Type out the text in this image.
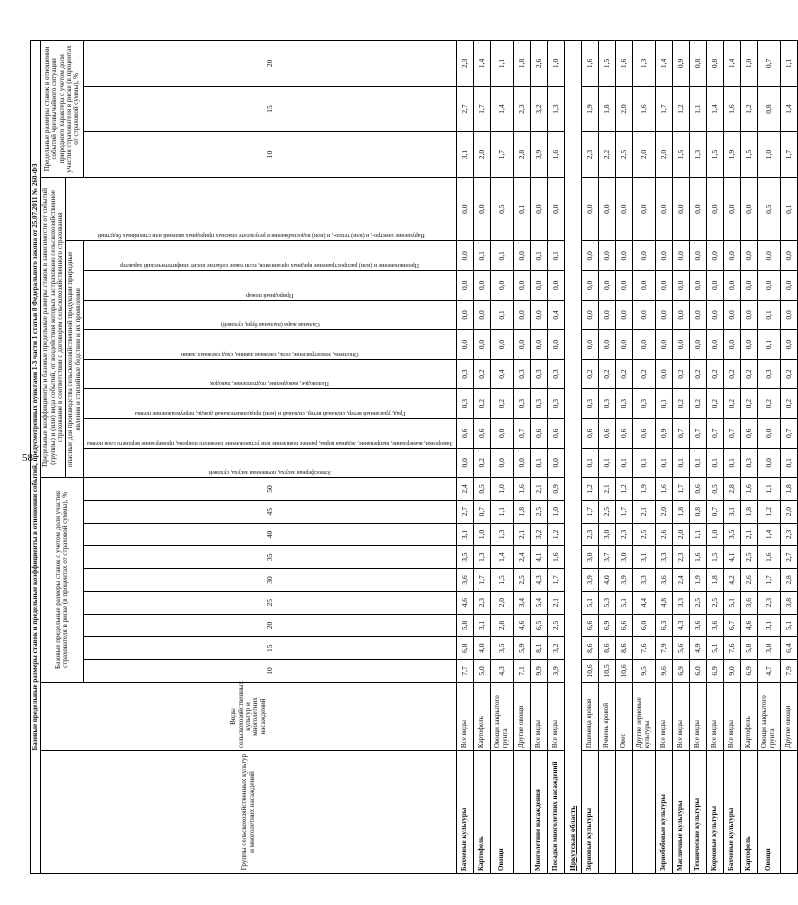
58
Базовые предельные размеры ставок и предельные коэффициенты в отношении событий, предусмотренных пунктами 1-3 части 1 статьи 8 Федерального закона от 25.07.2011 № 260-ФЗ																						
Группы сельскохозяйственных культур и многолетних насаждений	Виды сельскохозяйственных культур и многолетних насаждений	Базовые предельные размеры ставок с учетом доли участия страхователя в риске (в процентах от страховой суммы), %									Предельные коэффициенты и базовые предельные размеры ставок в зависимости от событий (группы) и (или) вида событий, от воздействия которых застраховано сельскохозяйственное страхование в соответствии с договором сельскохозяйственного страхования									Предельные размеры ставок в отношении событий чрезвычайного ситуации природного характера с учетом доли участия страхователя в риске (в процентах от страховой суммы), %		
											опасные для производства сельскохозяйственной продукции природные явления и стихийные бедствия и их проявления								Нарушение электро-, и (или) тепло-, и (или) водоснабжения в результате опасных природных явлений или стихийных бедствий			

		10	15	20	25	30	35	40	45	50	Атмосферная засуха, почвенная засуха, суховей	Заморозки, вымерзание, выпревание, ледяная корка, раннее появление или установление снежного покрова, промерзание верхнего слоя почвы	Град, ураганный ветер, сильный ветер, сильный и (или) продолжительный дождь, переувлажнение почвы	Половодье, наводнение, подтопление, паводок	Оползень, землетрясение, сель, снежная лавина, сход снежных лавин	Сильная жара (пыльная буря, суховей)	Природный пожар	Проникновение и (или) распространение вредных организмов, если такое событие носит эпифитотический характер		10	15	20
Бахчевые культуры	Все виды	7,7	6,8	5,8	4,6	3,6	3,5	3,1	2,7	2,4	0,0	0,6	0,3	0,3	0,0	0,0	0,0	0,0	0,0	3,1	2,7	2,3
Картофель	Картофель	5,0	4,0	3,1	2,3	1,7	1,3	1,0	0,7	0,5	0,2	0,6	0,2	0,2	0,0	0,0	0,0	0,1	0,0	2,0	1,7	1,4
Овощи	Овощи закрытого грунта	4,3	3,5	2,8	2,0	1,5	1,4	1,3	1,1	1,0	0,0	0,0	0,2	0,4	0,0	0,1	0,0	0,1	0,5	1,7	1,4	1,1
	Другие овощи	7,1	5,9	4,6	3,4	2,5	2,4	2,1	1,8	1,6	0,0	0,7	0,3	0,3	0,0	0,0	0,0	0,0	0,1	2,8	2,3	1,8
Многолетние насаждения	Все виды	9,9	8,1	6,5	5,4	4,3	4,1	3,2	2,5	2,1	0,1	0,6	0,3	0,3	0,0	0,0	0,0	0,1	0,0	3,9	3,2	2,6
Посадки многолетних насаждений	Все виды	3,9	3,2	2,5	2,1	1,7	1,6	1,2	1,0	0,9	0,0	0,6	0,3	0,3	0,0	0,4	0,0	0,1	0,0	1,6	1,3	1,0
Иркутская область																						
Зерновые культуры	Пшеница яровая	10,6	8,6	6,6	5,1	3,9	3,0	2,3	1,7	1,2	0,1	0,6	0,3	0,2	0,0	0,0	0,0	0,0	0,0	2,3	1,9	1,6
	Ячмень яровой	10,5	8,6	6,9	5,3	4,0	3,7	3,0	2,5	2,1	0,1	0,6	0,3	0,2	0,0	0,0	0,0	0,0	0,0	2,2	1,8	1,5
	Овес	10,6	8,6	6,6	5,1	3,9	3,0	2,3	1,7	1,2	0,1	0,6	0,3	0,2	0,0	0,0	0,0	0,0	0,0	2,5	2,0	1,6
	Другие зерновые культуры	9,5	7,6	6,0	4,4	3,3	3,1	2,5	2,1	1,9	0,1	0,6	0,3	0,2	0,0	0,0	0,0	0,0	0,0	2,0	1,6	1,3
Зернобобовые культуры	Все виды	9,6	7,9	6,3	4,8	3,6	3,3	2,6	2,0	1,6	0,1	0,9	0,1	0,0	0,0	0,0	0,0	0,0	0,0	2,0	1,7	1,4
Масличные культуры	Все виды	6,9	5,6	4,3	3,3	2,4	2,3	2,0	1,8	1,7	0,1	0,7	0,2	0,2	0,0	0,0	0,0	0,0	0,0	1,5	1,2	0,9
Технические культуры	Все виды	6,0	4,9	3,6	2,5	1,9	1,6	1,1	0,8	0,6	0,1	0,7	0,2	0,2	0,0	0,0	0,0	0,0	0,0	1,3	1,1	0,8
Кормовые культуры	Все виды	6,9	5,1	3,6	2,5	1,8	1,5	1,0	0,7	0,5	0,1	0,7	0,2	0,2	0,0	0,0	0,0	0,0	0,0	1,5	1,4	0,8
Бахчевые культуры	Все виды	9,0	7,6	6,7	5,1	4,2	4,1	3,5	3,1	2,8	0,1	0,7	0,2	0,2	0,0	0,0	0,0	0,0	0,0	1,9	1,6	1,4
Картофель	Картофель	6,9	5,8	4,6	3,6	2,6	2,5	2,1	1,8	1,6	0,3	0,6	0,2	0,2	0,0	0,0	0,0	0,0	0,0	1,5	1,2	1,0
Овощи	Овощи закрытого грунта	4,7	3,8	3,1	2,3	1,7	1,6	1,4	1,2	1,1	0,0	0,0	0,2	0,3	0,1	0,1	0,0	0,0	0,5	1,0	0,8	0,7
	Другие овощи	7,9	6,4	5,1	3,8	2,8	2,7	2,3	2,0	1,8	0,1	0,7	0,2	0,2	0,0	0,0	0,0	0,0	0,1	1,7	1,4	1,1
